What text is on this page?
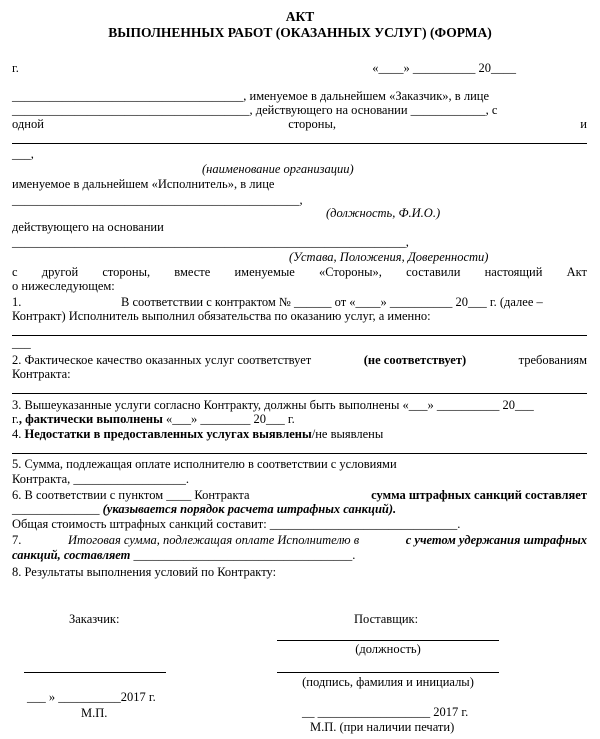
АКТ
ВЫПОЛНЕННЫХ РАБОТ (ОКАЗАННЫХ УСЛУГ) (ФОРМА)
г.	«____» __________ 20____
_____________________________________, именуемое в дальнейшем «Заказчик», в лице
______________________________________, действующего на основании ____________, с
одной	стороны,	и
___,
(наименование организации)
именуемое в дальнейшем «Исполнитель», в лице
______________________________________________,
(должность, Ф.И.О.)
действующего на основании
_______________________________________________________________,
(Устава, Положения, Доверенности)
с другой стороны, вместе именуемые «Стороны», составили настоящий Акт
о нижеследующем:
1.	В соответствии с контрактом № ______ от «____» __________ 20___ г. (далее –
Контракт) Исполнитель выполнил обязательства по оказанию услуг, а именно:
___
2. Фактическое качество оказанных услуг соответствует	(не соответствует)	требованиям
Контракта:
3. Вышеуказанные услуги согласно Контракту, должны быть выполнены «___» __________ 20___
г., фактически выполнены «___» ________ 20___ г.
4. Недостатки в предоставленных услугах выявлены/не выявлены
5. Сумма, подлежащая оплате исполнителю в соответствии с условиями
Контракта, __________________.
6. В соответствии с пунктом ____ Контракта	сумма штрафных санкций составляет
______________ (указывается порядок расчета штрафных санкций).
Общая стоимость штрафных санкций составит: ______________________________.
7.	Итоговая сумма, подлежащая оплате Исполнителю в	с учетом удержания штрафных
санкций, составляет ___________________________________.
8. Результаты выполнения условий по Контракту:
Заказчик:	Поставщик:
(должность)
(подпись, фамилия и инициалы)
___ » __________2017 г.
М.П.	__ __________________ 2017 г.
М.П. (при наличии печати)
